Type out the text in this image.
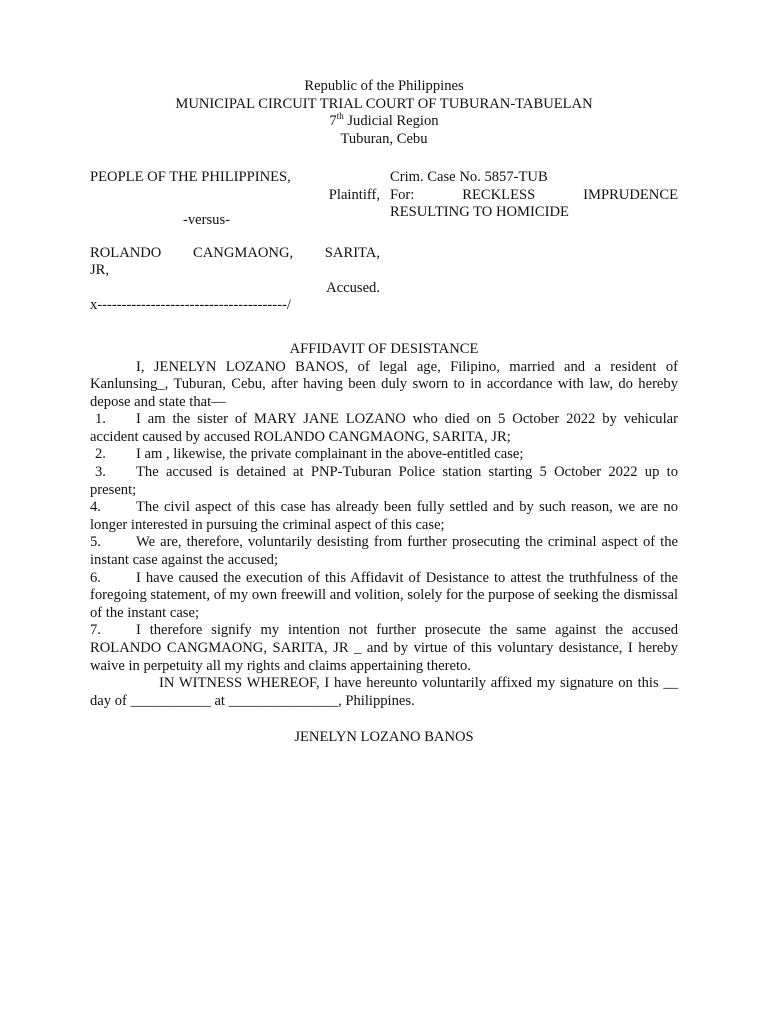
Republic of the Philippines
MUNICIPAL CIRCUIT TRIAL COURT OF TUBURAN-TABUELAN
7th Judicial Region
Tuburan, Cebu
PEOPLE OF THE PHILIPPINES,
Plaintiff,
-versus-
ROLANDO CANGMAONG, SARITA,
JR,
Accused.
x---------------------------------------/
Crim. Case No. 5857-TUB
For: RECKLESS IMPRUDENCE
RESULTING TO HOMICIDE
AFFIDAVIT OF DESISTANCE

I, JENELYN LOZANO BANOS, of legal age, Filipino, married and a resident of Kanlunsing_, Tuburan, Cebu, after having been duly sworn to in accordance with law, do hereby depose and state that—

1. I am the sister of MARY JANE LOZANO who died on 5 October 2022 by vehicular accident caused by accused ROLANDO CANGMAONG, SARITA, JR;

2. I am , likewise, the private complainant in the above-entitled case;

3. The accused is detained at PNP-Tuburan Police station starting 5 October 2022 up to present;

4. The civil aspect of this case has already been fully settled and by such reason, we are no longer interested in pursuing the criminal aspect of this case;

5. We are, therefore, voluntarily desisting from further prosecuting the criminal aspect of the instant case against the accused;

6. I have caused the execution of this Affidavit of Desistance to attest the truthfulness of the foregoing statement, of my own freewill and volition, solely for the purpose of seeking the dismissal of the instant case;

7. I therefore signify my intention not further prosecute the same against the accused ROLANDO CANGMAONG, SARITA, JR _ and by virtue of this voluntary desistance, I hereby waive in perpetuity all my rights and claims appertaining thereto.

IN WITNESS WHEREOF, I have hereunto voluntarily affixed my signature on this __ day of ___________ at _______________, Philippines.

JENELYN LOZANO BANOS
